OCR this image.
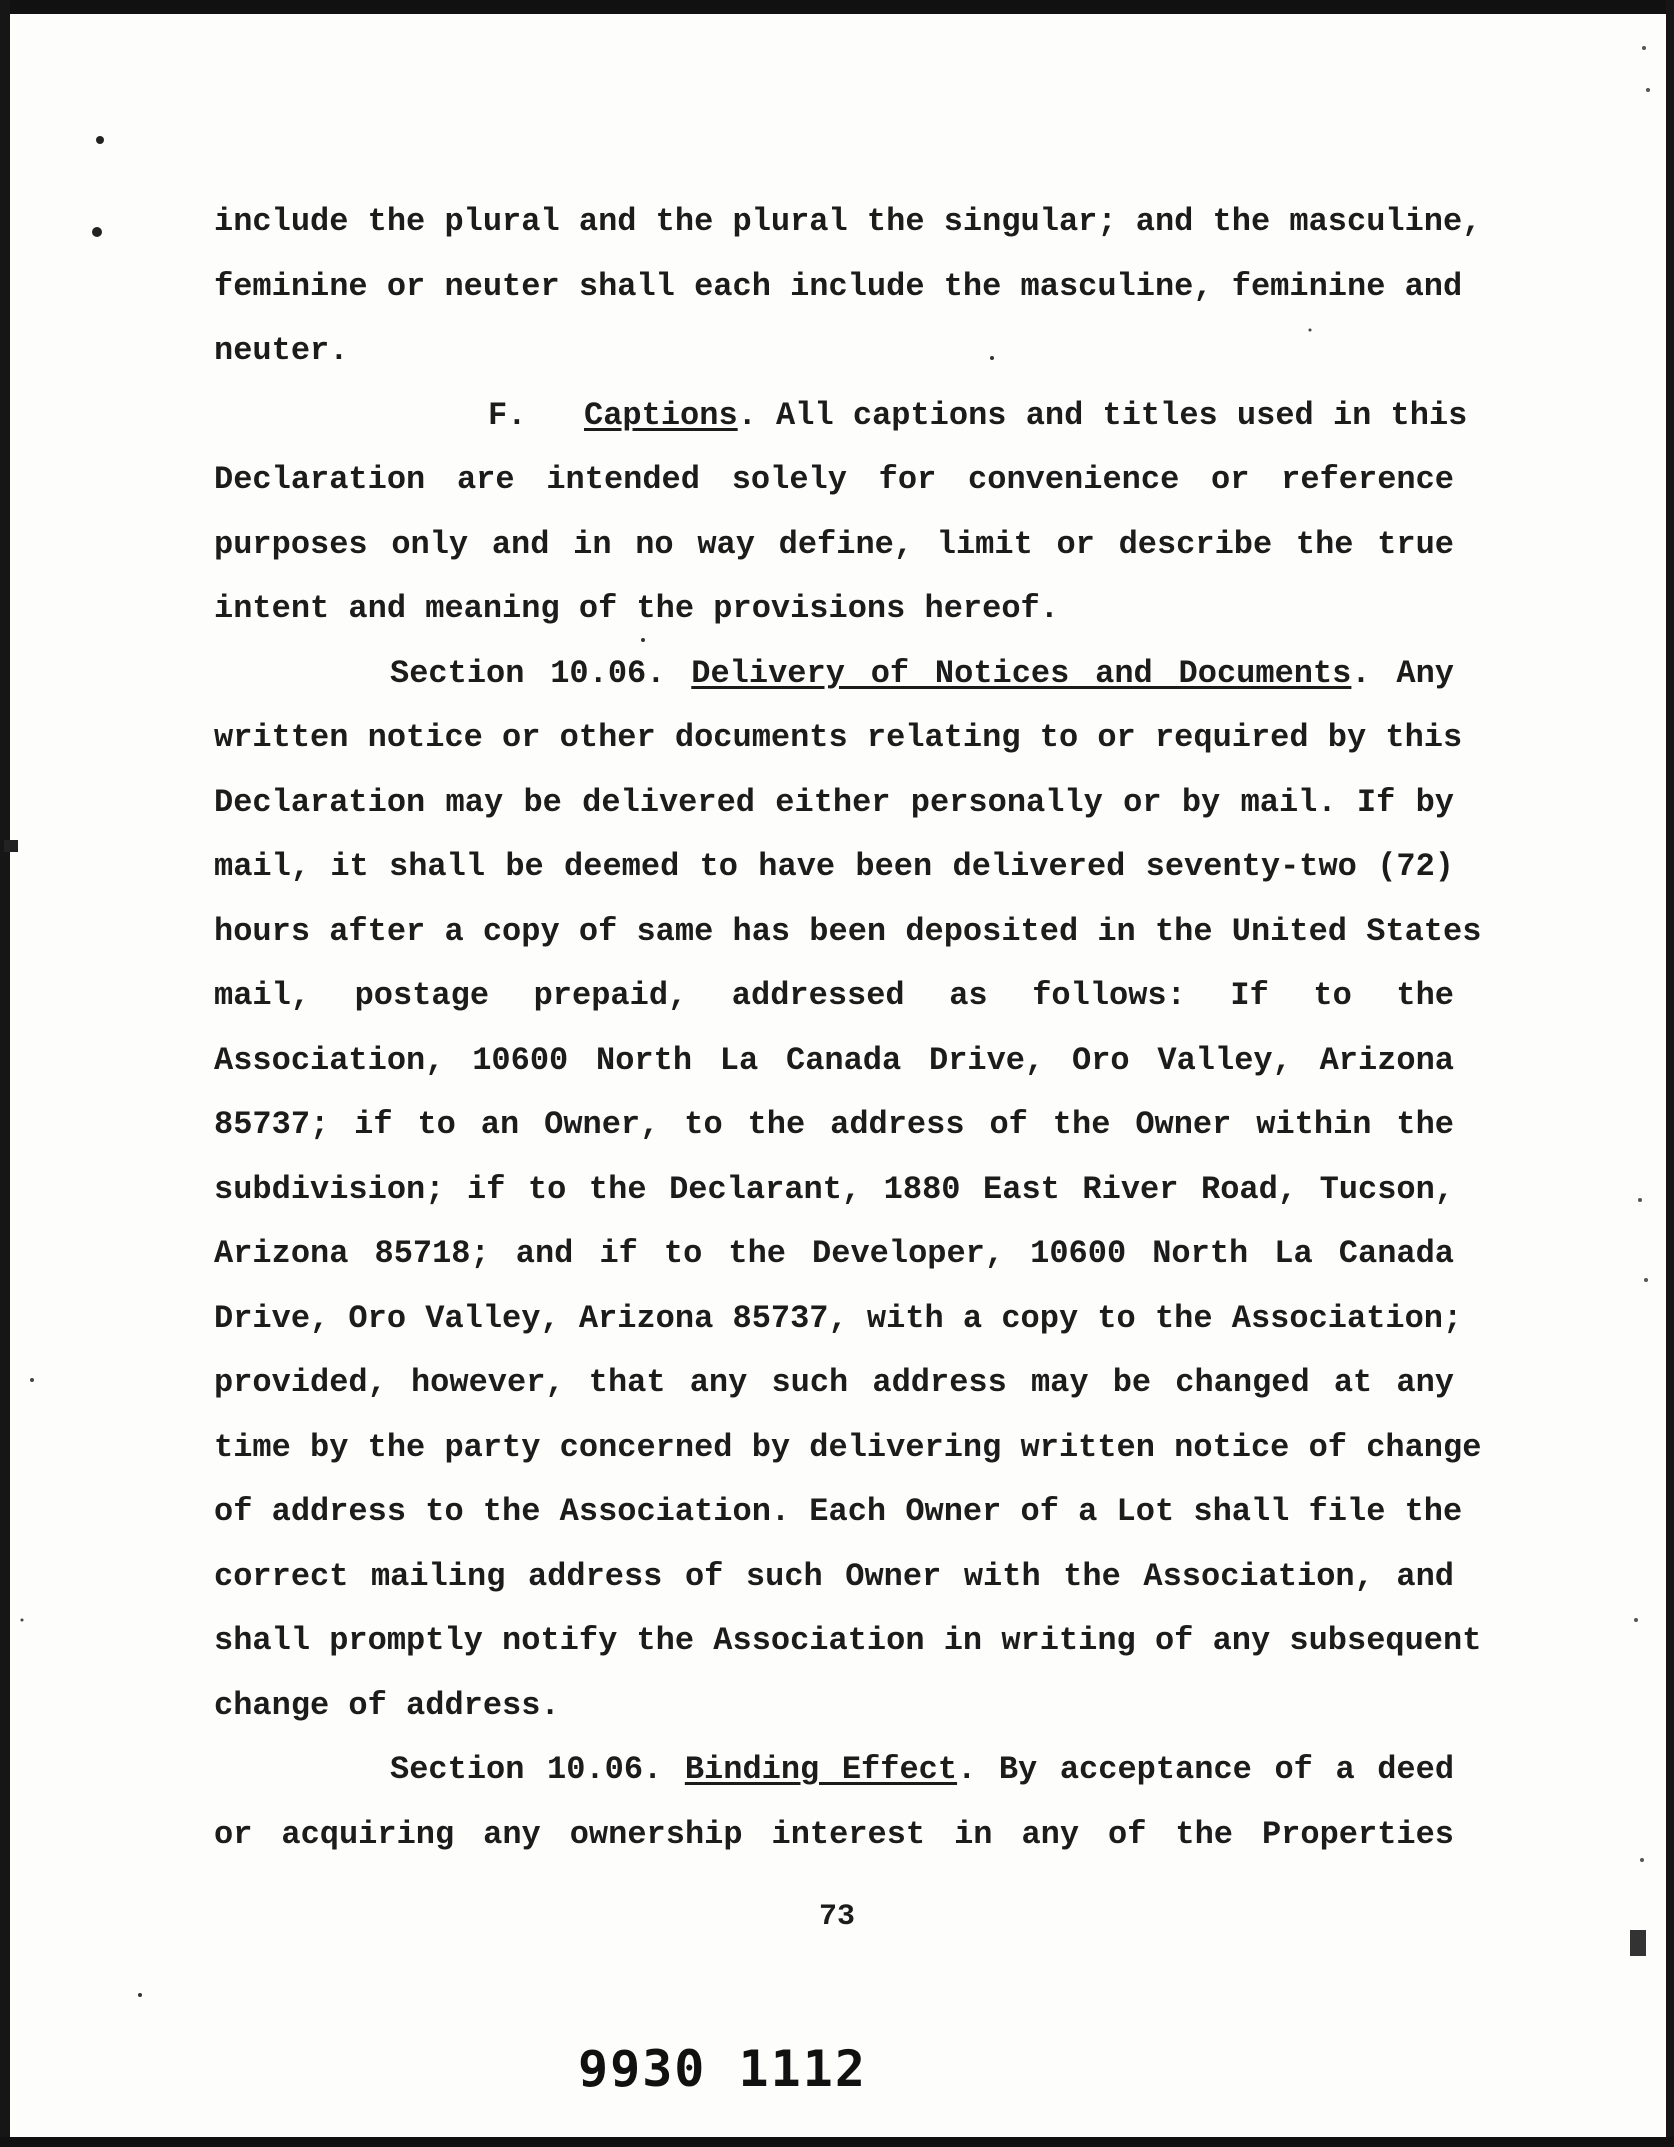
include the plural and the plural the singular; and the masculine,
feminine or neuter shall each include the masculine, feminine and
neuter.
F. Captions. All captions and titles used in this
Declaration are intended solely for convenience or reference
purposes only and in no way define, limit or describe the true
intent and meaning of the provisions hereof.
Section 10.06. Delivery of Notices and Documents. Any
written notice or other documents relating to or required by this
Declaration may be delivered either personally or by mail. If by
mail, it shall be deemed to have been delivered seventy-two (72)
hours after a copy of same has been deposited in the United States
mail, postage prepaid, addressed as follows: If to the
Association, 10600 North La Canada Drive, Oro Valley, Arizona
85737; if to an Owner, to the address of the Owner within the
subdivision; if to the Declarant, 1880 East River Road, Tucson,
Arizona 85718; and if to the Developer, 10600 North La Canada
Drive, Oro Valley, Arizona 85737, with a copy to the Association;
provided, however, that any such address may be changed at any
time by the party concerned by delivering written notice of change
of address to the Association. Each Owner of a Lot shall file the
correct mailing address of such Owner with the Association, and
shall promptly notify the Association in writing of any subsequent
change of address.
Section 10.06. Binding Effect. By acceptance of a deed
or acquiring any ownership interest in any of the Properties
73
9930 1112
